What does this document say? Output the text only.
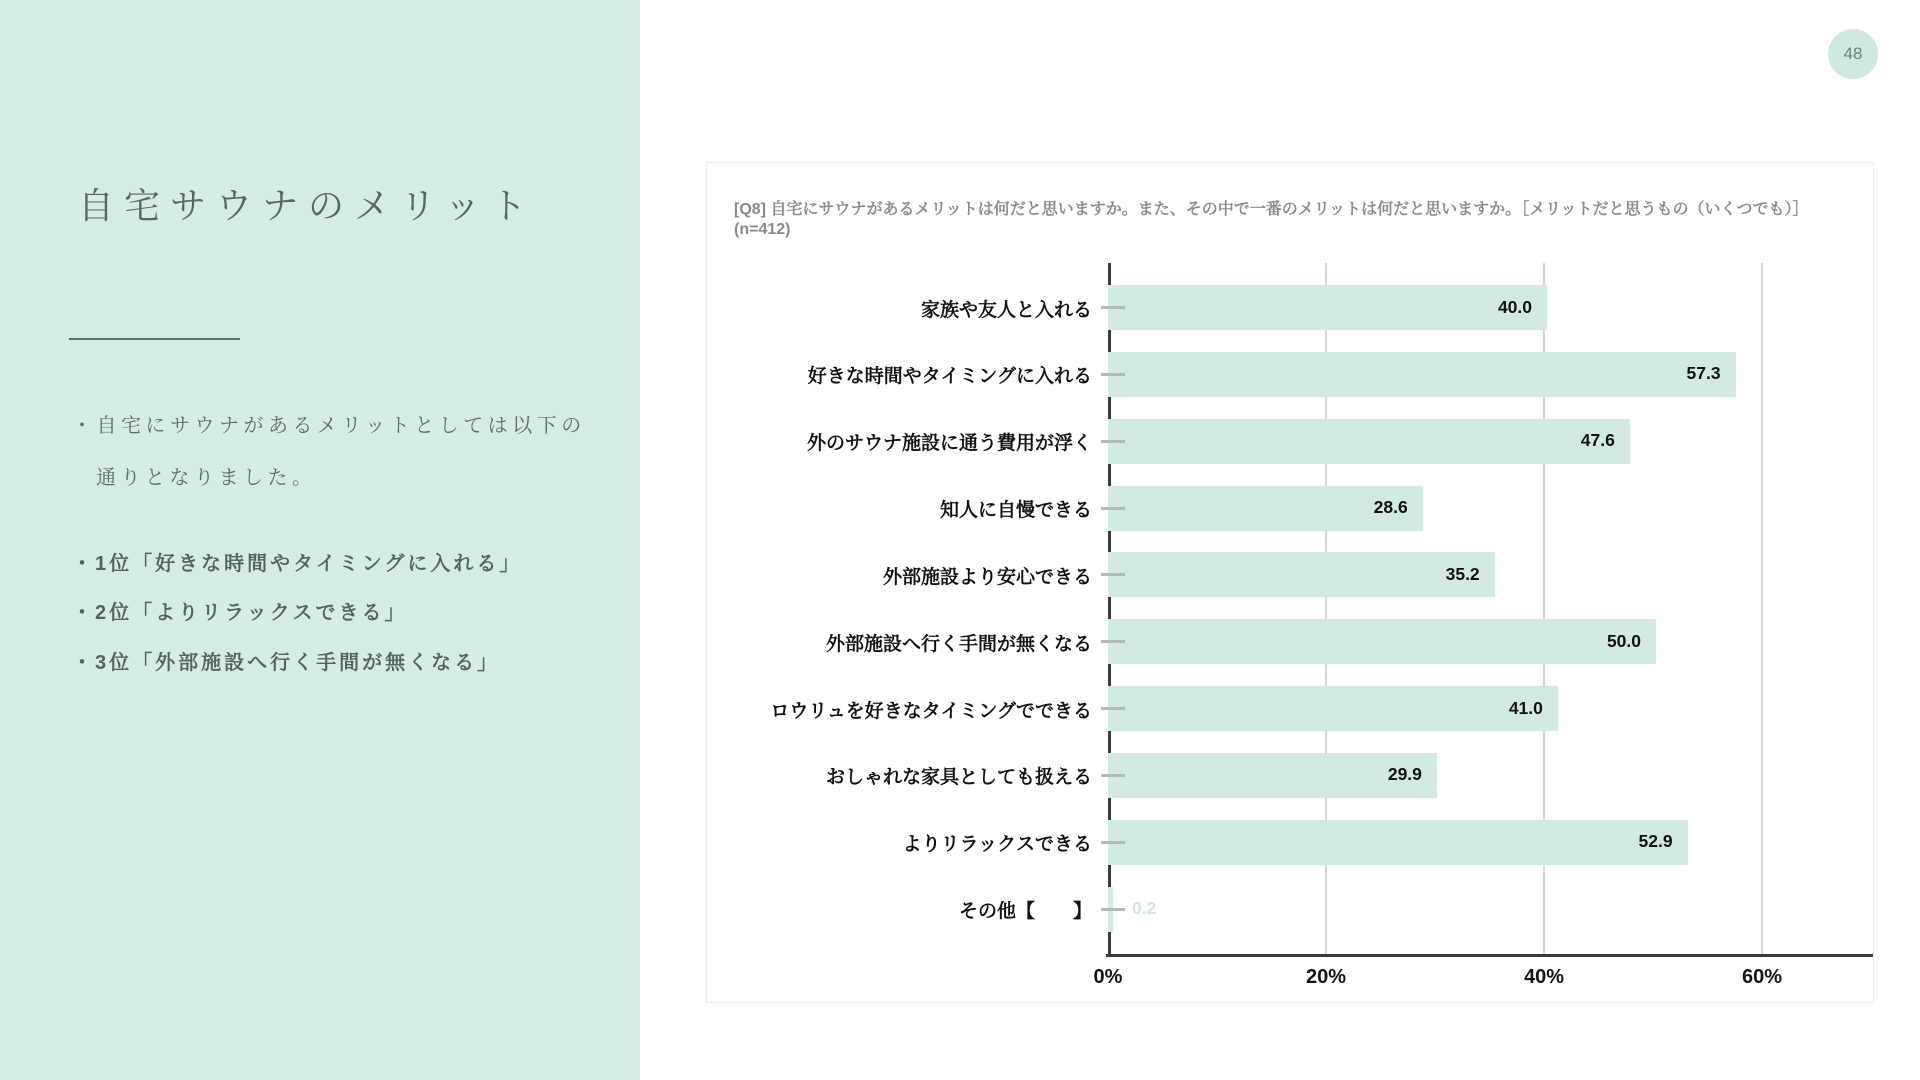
自宅サウナのメリット
・自宅にサウナがあるメリットとしては以下の通りとなりました。
・1位「好きな時間やタイミングに入れる」
・2位「よりリラックスできる」
・3位「外部施設へ行く手間が無くなる」
48
[Q8] 自宅にサウナがあるメリットは何だと思いますか。また、その中で一番のメリットは何だと思いますか。［メリットだと思うもの（いくつでも）］
(n=412)
0%	20%	40%	60%
家族や友人と入れる	40.0
好きな時間やタイミングに入れる	57.3
外のサウナ施設に通う費用が浮く	47.6
知人に自慢できる	28.6
外部施設より安心できる	35.2
外部施設へ行く手間が無くなる	50.0
ロウリュを好きなタイミングでできる	41.0
おしゃれな家具としても扱える	29.9
よりリラックスできる	52.9
その他【　　】 0.2
